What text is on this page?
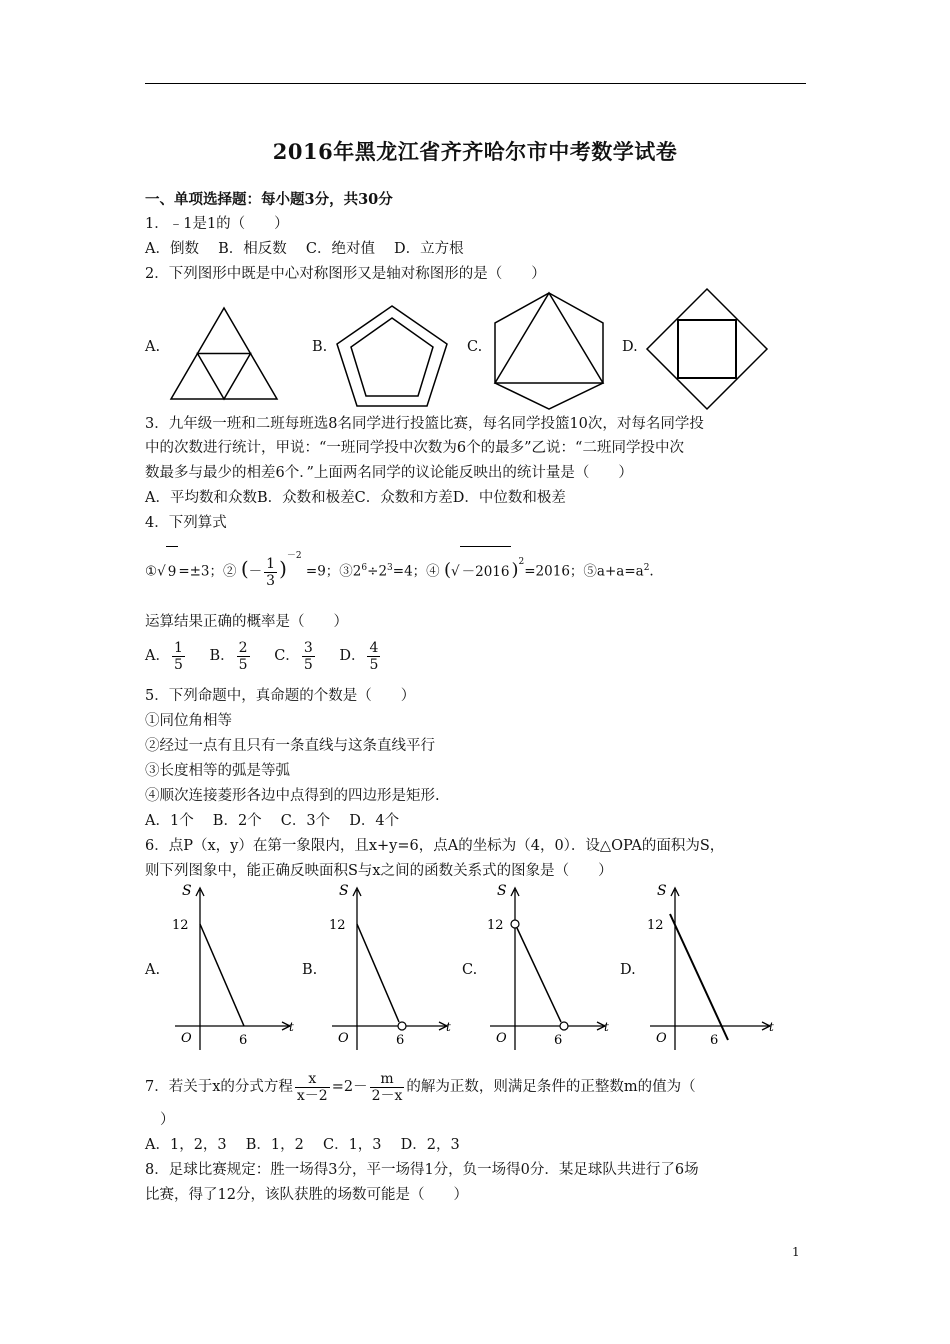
2016年黑龙江省齐齐哈尔市中考数学试卷
一、单项选择题：每小题3分，共30分
1．﹣1是1的（　　）
A．倒数　 B．相反数　 C．绝对值　 D．立方根
2．下列图形中既是中心对称图形又是轴对称图形的是（　　）
A.	B.	C.	D.
3．九年级一班和二班每班选8名同学进行投篮比赛，每名同学投篮10次，对每名同学投
中的次数进行统计，甲说：“一班同学投中次数为6个的最多”乙说：“二班同学投中次
数最多与最少的相差6个．”上面两名同学的议论能反映出的统计量是（　　）
A．平均数和众数B．众数和极差C．众数和方差D．中位数和极差
4．下列算式
①√ 9 =±3；② (－ $\frac{1}{3} )^{-2} =9$；$③2^6\div 2^3=4$；④ (√ －2016 )$^2$=2016；$⑤a+a=a^2$.
运算结果正确的概率是（　　）
A． $\frac{1}{5}$ B． $\frac{2}{5}$ C． $\frac{3}{5}$ D． $\frac{4}{5}$
5．下列命题中，真命题的个数是（　　）
①同位角相等
②经过一点有且只有一条直线与这条直线平行
③长度相等的弧是等弧
④顺次连接菱形各边中点得到的四边形是矩形.
A．1个　 B．2个　 C．3个　 D．4个
6．点P（x，y）在第一象限内，且x+y=6，点A的坐标为（4，0）．设△OPA的面积为S，
则下列图象中，能正确反映面积S与x之间的函数关系式的图象是（　　）
A.
S
12
O	6
t
B.
S
12
O	6
t
C.
S
12
O	6
t
D.
S
12
O	6
t
7．若关于x的分式方程 $\frac{x}{x-2} =2- \frac{m}{2-x}$ 的解为正数，则满足条件的正整数m的值为（
）
A．1，2，3　 B．1，2　 C．1，3　 D．2，3
8．足球比赛规定：胜一场得3分，平一场得1分，负一场得0分．某足球队共进行了6场
比赛，得了12分，该队获胜的场数可能是（　　）
1
